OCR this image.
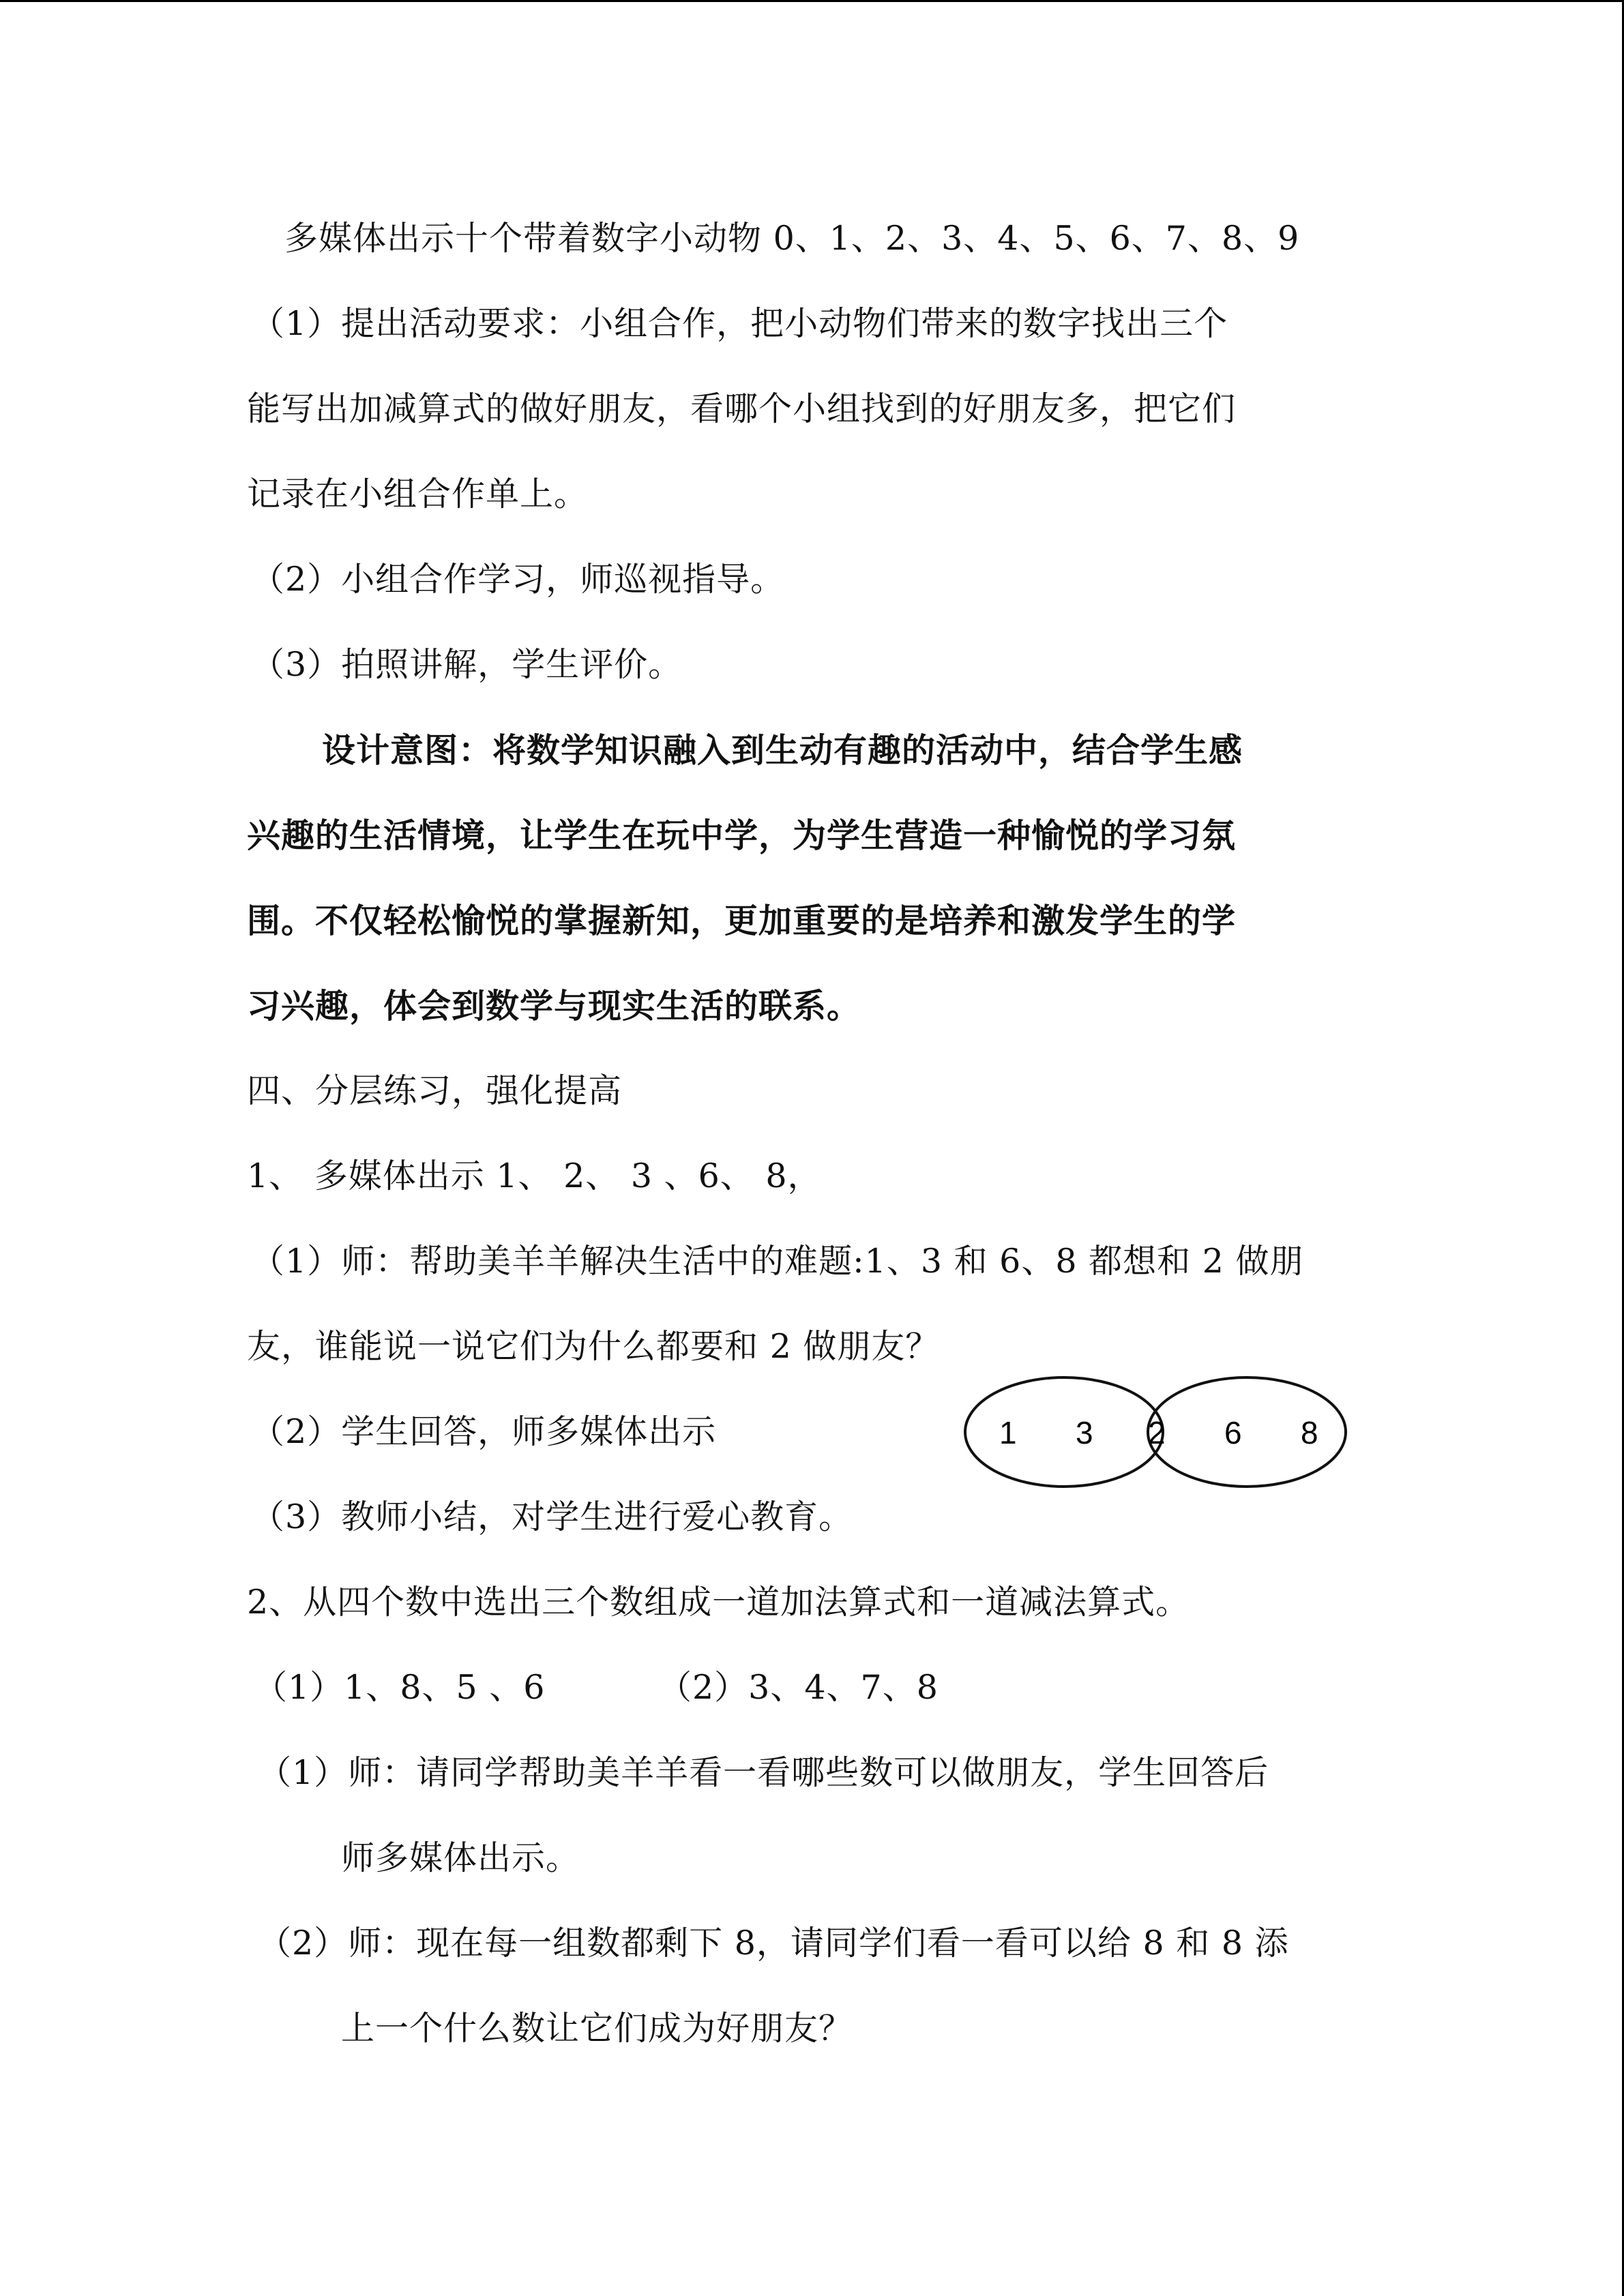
多媒体出示十个带着数字小动物 0、1、2、3、4、5、6、7、8、9
（1）提出活动要求：小组合作，把小动物们带来的数字找出三个
能写出加减算式的做好朋友，看哪个小组找到的好朋友多，把它们
记录在小组合作单上。
（2）小组合作学习，师巡视指导。
（3）拍照讲解，学生评价。
设计意图：将数学知识融入到生动有趣的活动中，结合学生感
兴趣的生活情境，让学生在玩中学，为学生营造一种愉悦的学习氛
围。不仅轻松愉悦的掌握新知，更加重要的是培养和激发学生的学
习兴趣，体会到数学与现实生活的联系。
四、分层练习，强化提高
1、 多媒体出示 1、 2、 3 、6、 8，
（1）师：帮助美羊羊解决生活中的难题:1、3 和 6、8 都想和 2 做朋
友，谁能说一说它们为什么都要和 2 做朋友？
（2）学生回答，师多媒体出示
（3）教师小结，对学生进行爱心教育。
2、从四个数中选出三个数组成一道加法算式和一道减法算式。
（1）1、8、5 、6	（2）3、4、7、8
（1）师：请同学帮助美羊羊看一看哪些数可以做朋友，学生回答后
师多媒体出示。
（2）师：现在每一组数都剩下 8，请同学们看一看可以给 8 和 8 添
上一个什么数让它们成为好朋友？
1 3 2 6 8
